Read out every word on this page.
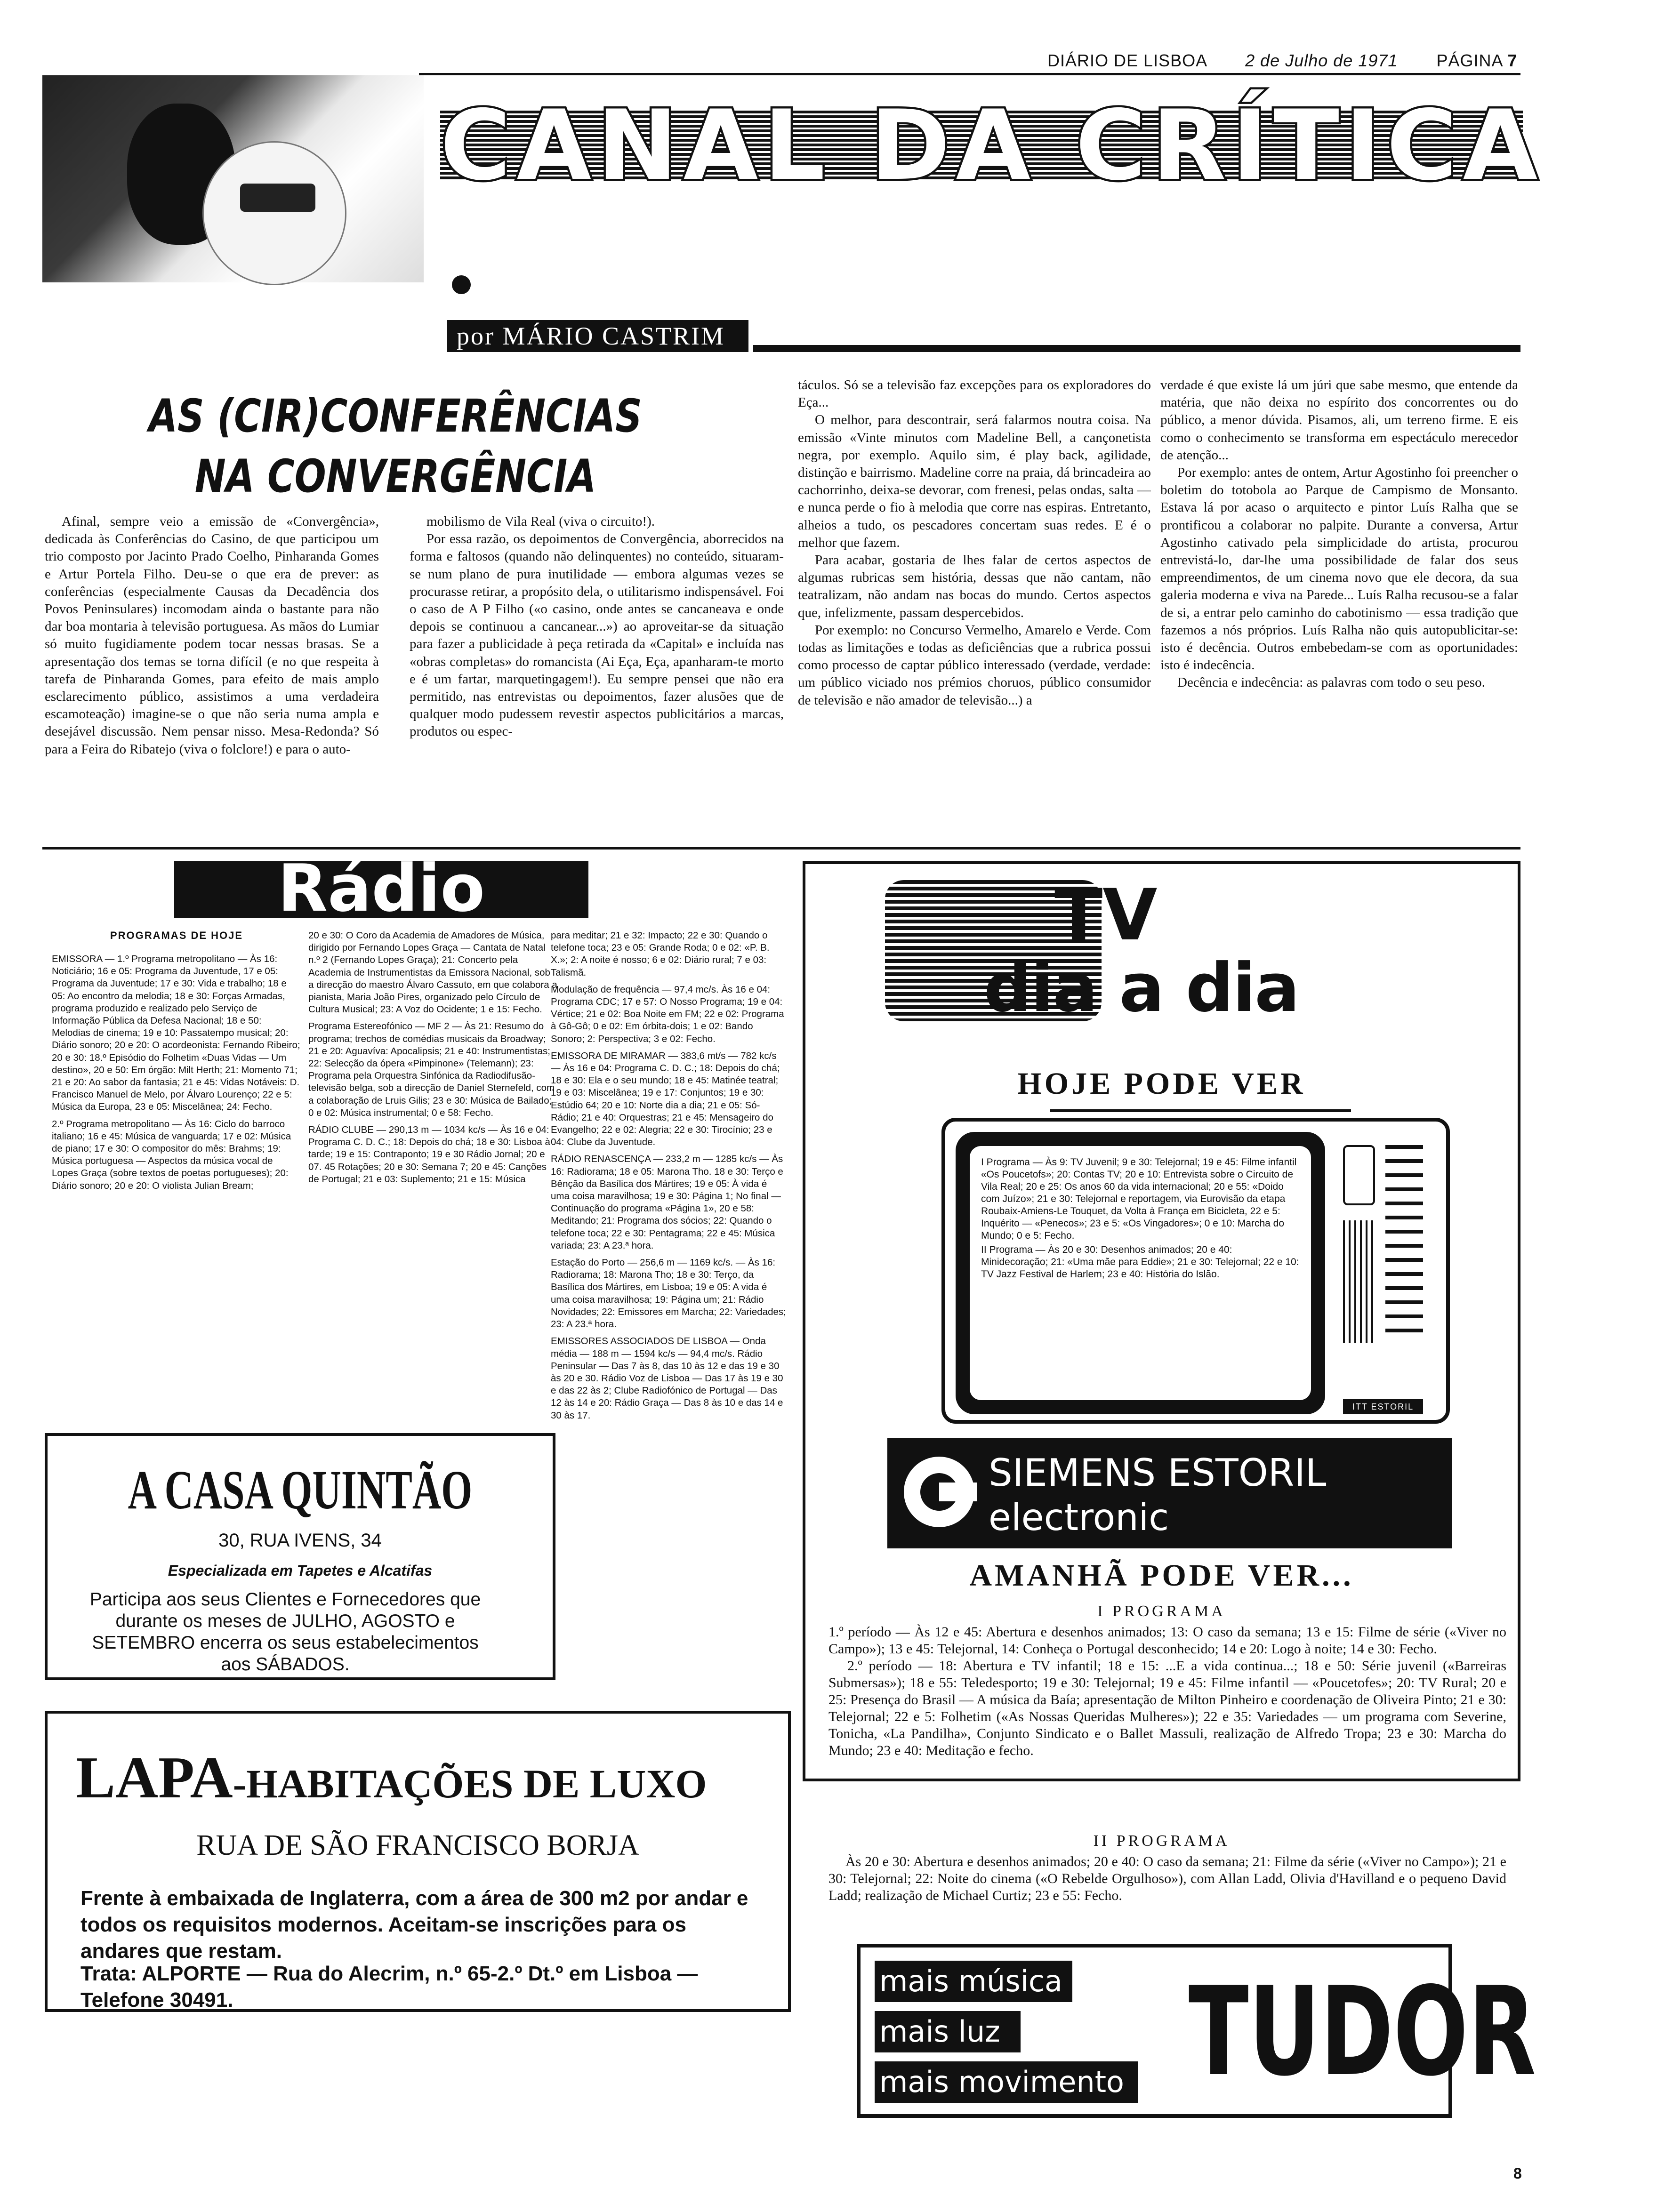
DIÁRIO DE LISBOA 2 de Julho de 1971 PÁGINA 7
CANAL DA CRÍTICA
por MÁRIO CASTRIM
AS (CIR)CONFERÊNCIAS
NA CONVERGÊNCIA

Afinal, sempre veio a emissão de «Convergência», dedicada às Conferências do Casino, de que participou um trio composto por Jacinto Prado Coelho, Pinharanda Gomes e Artur Portela Filho. Deu-se o que era de prever: as conferências (especialmente Causas da Decadência dos Povos Peninsulares) incomodam ainda o bastante para não dar boa montaria à televisão portuguesa. As mãos do Lumiar só muito fugidiamente podem tocar nessas brasas. Se a apresentação dos temas se torna difícil (e no que respeita à tarefa de Pinharanda Gomes, para efeito de mais amplo esclarecimento público, assistimos a uma verdadeira escamoteação) imagine-se o que não seria numa ampla e desejável discussão. Nem pensar nisso. Mesa-Redonda? Só para a Feira do Ribatejo (viva o folclore!) e para o auto-

mobilismo de Vila Real (viva o circuito!).

Por essa razão, os depoimentos de Convergência, aborrecidos na forma e faltosos (quando não delinquentes) no conteúdo, situaram-se num plano de pura inutilidade — embora algumas vezes se procurasse retirar, a propósito dela, o utilitarismo indispensável. Foi o caso de A P Filho («o casino, onde antes se cancaneava e onde depois se continuou a cancanear...») ao aproveitar-se da situação para fazer a publicidade à peça retirada da «Capital» e incluída nas «obras completas» do romancista (Ai Eça, Eça, apanharam-te morto e é um fartar, marquetingagem!). Eu sempre pensei que não era permitido, nas entrevistas ou depoimentos, fazer alusões que de qualquer modo pudessem revestir aspectos publicitários a marcas, produtos ou espec-

táculos. Só se a televisão faz excepções para os exploradores do Eça...

O melhor, para descontrair, será falarmos noutra coisa. Na emissão «Vinte minutos com Madeline Bell, a cançonetista negra, por exemplo. Aquilo sim, é play back, agilidade, distinção e bairrismo. Madeline corre na praia, dá brincadeira ao cachorrinho, deixa-se devorar, com frenesi, pelas ondas, salta — e nunca perde o fio à melodia que corre nas espiras. Entretanto, alheios a tudo, os pescadores concertam suas redes. E é o melhor que fazem.

Para acabar, gostaria de lhes falar de certos aspectos de algumas rubricas sem história, dessas que não cantam, não teatralizam, não andam nas bocas do mundo. Certos aspectos que, infelizmente, passam despercebidos.

Por exemplo: no Concurso Vermelho, Amarelo e Verde. Com todas as limitações e todas as deficiências que a rubrica possui como processo de captar público interessado (verdade, verdade: um público viciado nos prémios choruos, público consumidor de televisão e não amador de televisão...) a

verdade é que existe lá um júri que sabe mesmo, que entende da matéria, que não deixa no espírito dos concorrentes ou do público, a menor dúvida. Pisamos, ali, um terreno firme. E eis como o conhecimento se transforma em espectáculo merecedor de atenção...

Por exemplo: antes de ontem, Artur Agostinho foi preencher o boletim do totobola ao Parque de Campismo de Monsanto. Estava lá por acaso o arquitecto e pintor Luís Ralha que se prontificou a colaborar no palpite. Durante a conversa, Artur Agostinho cativado pela simplicidade do artista, procurou entrevistá-lo, dar-lhe uma possibilidade de falar dos seus empreendimentos, de um cinema novo que ele decora, da sua galeria moderna e viva na Parede... Luís Ralha recusou-se a falar de si, a entrar pelo caminho do cabotinismo — essa tradição que fazemos a nós próprios. Luís Ralha não quis autopublicitar-se: isto é decência. Outros embebedam-se com as oportunidades: isto é indecência.

Decência e indecência: as palavras com todo o seu peso.

Rádio
PROGRAMAS DE HOJE

EMISSORA — 1.º Programa metropolitano — Às 16: Noticiário; 16 e 05: Programa da Juventude, 17 e 05: Programa da Juventude; 17 e 30: Vida e trabalho; 18 e 05: Ao encontro da melodia; 18 e 30: Forças Armadas, programa produzido e realizado pelo Serviço de Informação Pública da Defesa Nacional; 18 e 50: Melodias de cinema; 19 e 10: Passatempo musical; 20: Diário sonoro; 20 e 20: O acordeonista: Fernando Ribeiro; 20 e 30: 18.º Episódio do Folhetim «Duas Vidas — Um destino», 20 e 50: Em órgão: Milt Herth; 21: Momento 71; 21 e 20: Ao sabor da fantasia; 21 e 45: Vidas Notáveis: D. Francisco Manuel de Melo, por Álvaro Lourenço; 22 e 5: Música da Europa, 23 e 05: Miscelânea; 24: Fecho.

2.º Programa metropolitano — Às 16: Ciclo do barroco italiano; 16 e 45: Música de vanguarda; 17 e 02: Música de piano; 17 e 30: O compositor do mês: Brahms; 19: Música portuguesa — Aspectos da música vocal de Lopes Graça (sobre textos de poetas portugueses); 20: Diário sonoro; 20 e 20: O violista Julian Bream;

20 e 30: O Coro da Academia de Amadores de Música, dirigido por Fernando Lopes Graça — Cantata de Natal n.º 2 (Fernando Lopes Graça); 21: Concerto pela Academia de Instrumentistas da Emissora Nacional, sob a direcção do maestro Álvaro Cassuto, em que colabora a pianista, Maria João Pires, organizado pelo Círculo de Cultura Musical; 23: A Voz do Ocidente; 1 e 15: Fecho.

Programa Estereofónico — MF 2 — Às 21: Resumo do programa; trechos de comédias musicais da Broadway; 21 e 20: Aguavíva: Apocalipsis; 21 e 40: Instrumentistas; 22: Selecção da ópera «Pimpinone» (Telemann); 23: Programa pela Orquestra Sinfónica da Radiodifusão-televisão belga, sob a direcção de Daniel Sternefeld, com a colaboração de Lruis Gilis; 23 e 30: Música de Bailado; 0 e 02: Música instrumental; 0 e 58: Fecho.

RÁDIO CLUBE — 290,13 m — 1034 kc/s — Às 16 e 04: Programa C. D. C.; 18: Depois do chá; 18 e 30: Lisboa à tarde; 19 e 15: Contraponto; 19 e 30 Rádio Jornal; 20 e 07. 45 Rotações; 20 e 30: Semana 7; 20 e 45: Canções de Portugal; 21 e 03: Suplemento; 21 e 15: Música

para meditar; 21 e 32: Impacto; 22 e 30: Quando o telefone toca; 23 e 05: Grande Roda; 0 e 02: «P. B. X.»; 2: A noite é nosso; 6 e 02: Diário rural; 7 e 03: Talismã.

Modulação de frequência — 97,4 mc/s. Às 16 e 04: Programa CDC; 17 e 57: O Nosso Programa; 19 e 04: Vértice; 21 e 02: Boa Noite em FM; 22 e 02: Programa à Gô-Gô; 0 e 02: Em órbita-dois; 1 e 02: Bando Sonoro; 2: Perspectiva; 3 e 02: Fecho.

EMISSORA DE MIRAMAR — 383,6 mt/s — 782 kc/s — Às 16 e 04: Programa C. D. C.; 18: Depois do chá; 18 e 30: Ela e o seu mundo; 18 e 45: Matinée teatral; 19 e 03: Miscelânea; 19 e 17: Conjuntos; 19 e 30: Estúdio 64; 20 e 10: Norte dia a dia; 21 e 05: Só-Rádio; 21 e 40: Orquestras; 21 e 45: Mensageiro do Evangelho; 22 e 02: Alegria; 22 e 30: Tirocínio; 23 e 04: Clube da Juventude.

RÁDIO RENASCENÇA — 233,2 m — 1285 kc/s — Às 16: Radiorama; 18 e 05: Marona Tho. 18 e 30: Terço e Bênção da Basílica dos Mártires; 19 e 05: À vida é uma coisa maravilhosa; 19 e 30: Página 1; No final — Continuação do programa «Página 1», 20 e 58: Meditando; 21: Programa dos sócios; 22: Quando o telefone toca; 22 e 30: Pentagrama; 22 e 45: Música variada; 23: A 23.ª hora.

Estação do Porto — 256,6 m — 1169 kc/s. — Às 16: Radiorama; 18: Marona Tho; 18 e 30: Terço, da Basílica dos Mártires, em Lisboa; 19 e 05: A vida é uma coisa maravilhosa; 19: Página um; 21: Rádio Novidades; 22: Emissores em Marcha; 22: Variedades; 23: A 23.ª hora.

EMISSORES ASSOCIADOS DE LISBOA — Onda média — 188 m — 1594 kc/s — 94,4 mc/s. Rádio Peninsular — Das 7 às 8, das 10 às 12 e das 19 e 30 às 20 e 30. Rádio Voz de Lisboa — Das 17 às 19 e 30 e das 22 às 2; Clube Radiofónico de Portugal — Das 12 às 14 e 20: Rádio Graça — Das 8 às 10 e das 14 e 30 às 17.

A CASA QUINTÃO
30, RUA IVENS, 34
Especializada em Tapetes e Alcatifas
Participa aos seus Clientes e Fornecedores que durante os meses de JULHO, AGOSTO e SETEMBRO encerra os seus estabelecimentos aos SÁBADOS.
LAPA-HABITAÇÕES DE LUXO
RUA DE SÃO FRANCISCO BORJA
Frente à embaixada de Inglaterra, com a área de 300 m2 por andar e todos os requisitos modernos. Aceitam-se inscrições para os andares que restam.
Trata: ALPORTE — Rua do Alecrim, n.º 65-2.º Dt.º em Lisboa — Telefone 30491.
TV
dia a dia
HOJE PODE VER

I Programa — Às 9: TV Juvenil; 9 e 30: Telejornal; 19 e 45: Filme infantil «Os Poucetofs»; 20: Contas TV; 20 e 10: Entrevista sobre o Circuito de Vila Real; 20 e 25: Os anos 60 da vida internacional; 20 e 55: «Doido com Juízo»; 21 e 30: Telejornal e reportagem, via Eurovisão da etapa Roubaix-Amiens-Le Touquet, da Volta à França em Bicicleta, 22 e 5: Inquérito — «Penecos»; 23 e 5: «Os Vingadores»; 0 e 10: Marcha do Mundo; 0 e 5: Fecho.

II Programa — Às 20 e 30: Desenhos animados; 20 e 40: Minidecoração; 21: «Uma mãe para Eddie»; 21 e 30: Telejornal; 22 e 10: TV Jazz Festival de Harlem; 23 e 40: História do Islão.

ITT ESTORIL
SIEMENS ESTORIL
electronic
AMANHÃ PODE VER...
I PROGRAMA

1.º período — Às 12 e 45: Abertura e desenhos animados; 13: O caso da semana; 13 e 15: Filme de série («Viver no Campo»); 13 e 45: Telejornal, 14: Conheça o Portugal desconhecido; 14 e 20: Logo à noite; 14 e 30: Fecho.

2.º período — 18: Abertura e TV infantil; 18 e 15: ...E a vida continua...; 18 e 50: Série juvenil («Barreiras Submersas»); 18 e 55: Teledesporto; 19 e 30: Telejornal; 19 e 45: Filme infantil — «Poucetofes»; 20: TV Rural; 20 e 25: Presença do Brasil — A música da Baía; apresentação de Milton Pinheiro e coordenação de Oliveira Pinto; 21 e 30: Telejornal; 22 e 5: Folhetim («As Nossas Queridas Mulheres»); 22 e 35: Variedades — um programa com Severine, Tonicha, «La Pandilha», Conjunto Sindicato e o Ballet Massuli, realização de Alfredo Tropa; 23 e 30: Marcha do Mundo; 23 e 40: Meditação e fecho.

II PROGRAMA

Às 20 e 30: Abertura e desenhos animados; 20 e 40: O caso da semana; 21: Filme da série («Viver no Campo»); 21 e 30: Telejornal; 22: Noite do cinema («O Rebelde Orgulhoso»), com Allan Ladd, Olivia d'Havilland e o pequeno David Ladd; realização de Michael Curtiz; 23 e 55: Fecho.

mais música
mais luz
mais movimento TUDOR
8
